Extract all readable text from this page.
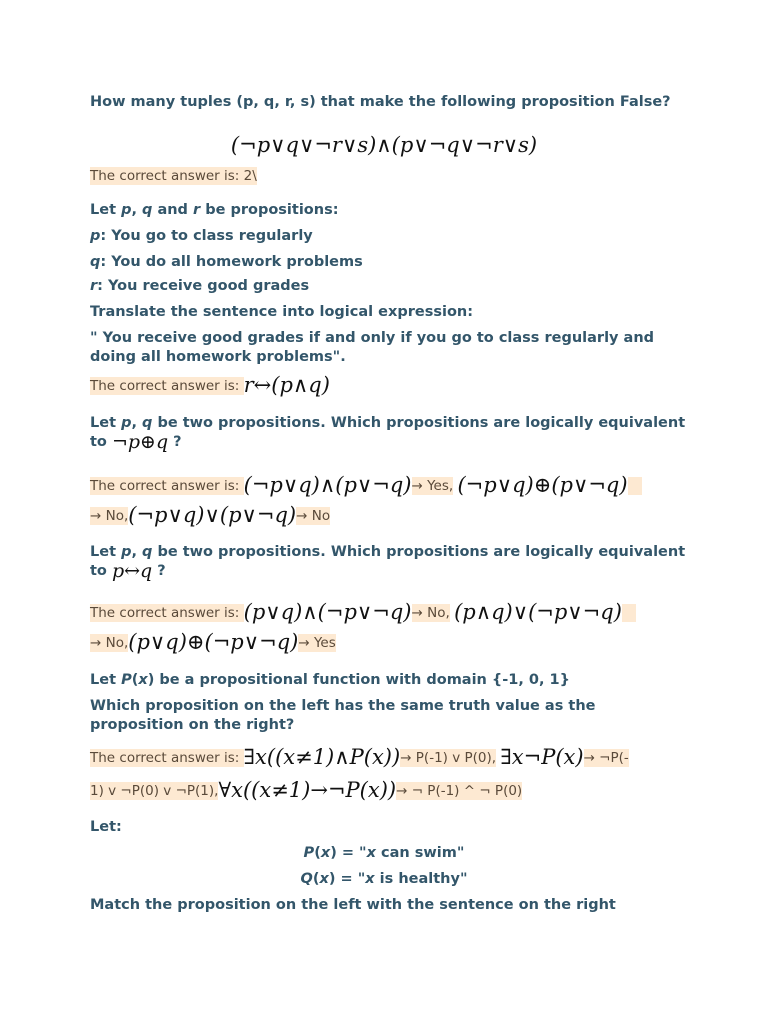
How many tuples (p, q, r, s) that make the following proposition False?

(¬p∨q∨¬r∨s)∧(p∨¬q∨¬r∨s)

The correct answer is: 2\

Let p, q and r be propositions:

p: You go to class regularly

q: You do all homework problems

r: You receive good grades

Translate the sentence into logical expression:

" You receive good grades if and only if you go to class regularly and doing all homework problems".

The correct answer is: r↔(p∧q)

Let p, q be two propositions. Which propositions are logically equivalent to ¬p⊕q ?

The correct answer is: (¬p∨q)∧(p∨¬q)→ Yes, (¬p∨q)⊕(p∨¬q)

→ No,(¬p∨q)∨(p∨¬q)→ No

Let p, q be two propositions. Which propositions are logically equivalent to p↔q ?

The correct answer is: (p∨q)∧(¬p∨¬q)→ No, (p∧q)∨(¬p∨¬q)

→ No,(p∨q)⊕(¬p∨¬q)→ Yes

Let P(x) be a propositional function with domain {-1, 0, 1}

Which proposition on the left has the same truth value as the proposition on the right?

The correct answer is: ∃x((x≠1)∧P(x))→ P(-1) v P(0), ∃x¬P(x)→ ¬P(-

1) v ¬P(0) v ¬P(1),∀x((x≠1)→¬P(x))→ ¬ P(-1) ^ ¬ P(0)

Let:

P(x) = "x can swim"

Q(x) = "x is healthy"

Match the proposition on the left with the sentence on the right
